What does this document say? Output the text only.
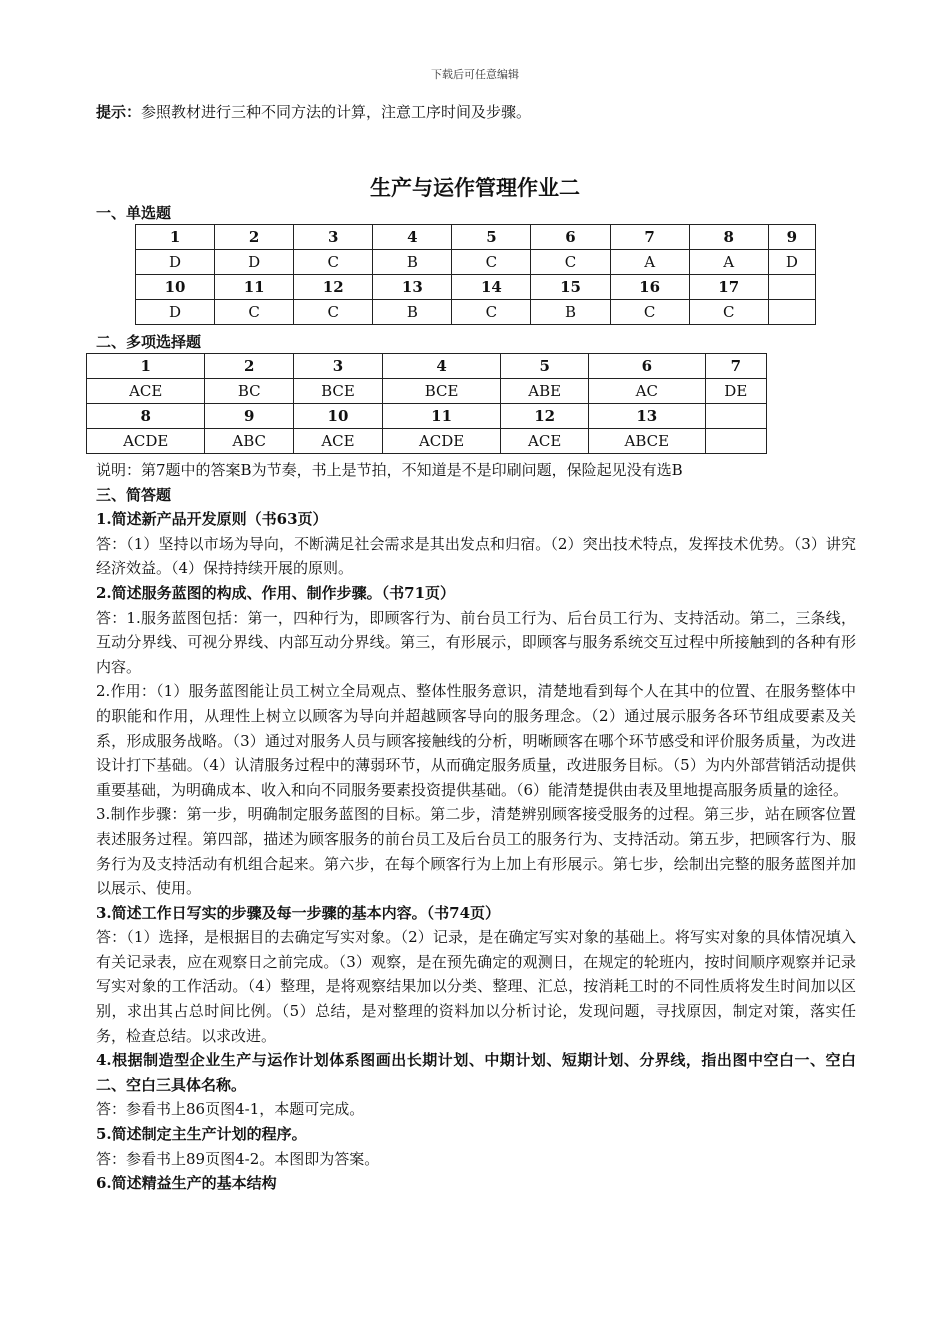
下载后可任意编辑
提示：参照教材进行三种不同方法的计算，注意工序时间及步骤。
生产与运作管理作业二
一、单选题
1	2	3	4	5	6	7	8	9
D	D	C	B	C	C	A	A	D
10	11	12	13	14	15	16	17	
D	C	C	B	C	B	C	C	
二、多项选择题
1	2	3	4	5	6	7
ACE	BC	BCE	BCE	ABE	AC	DE
8	9	10	11	12	13	
ACDE	ABC	ACE	ACDE	ACE	ABCE	

说明：第7题中的答案B为节奏，书上是节拍，不知道是不是印刷问题，保险起见没有选B

三、简答题

1.简述新产品开发原则（书63页）

答：（1）坚持以市场为导向，不断满足社会需求是其出发点和归宿。（2）突出技术特点，发挥技术优势。（3）讲究经济效益。（4）保持持续开展的原则。

2.简述服务蓝图的构成、作用、制作步骤。（书71页）

答：1.服务蓝图包括：第一，四种行为，即顾客行为、前台员工行为、后台员工行为、支持活动。第二，三条线，互动分界线、可视分界线、内部互动分界线。第三，有形展示，即顾客与服务系统交互过程中所接触到的各种有形内容。

2.作用：（1）服务蓝图能让员工树立全局观点、整体性服务意识，清楚地看到每个人在其中的位置、在服务整体中的职能和作用，从理性上树立以顾客为导向并超越顾客导向的服务理念。（2）通过展示服务各环节组成要素及关系，形成服务战略。（3）通过对服务人员与顾客接触线的分析，明晰顾客在哪个环节感受和评价服务质量，为改进设计打下基础。（4）认清服务过程中的薄弱环节，从而确定服务质量，改进服务目标。（5）为内外部营销活动提供重要基础，为明确成本、收入和向不同服务要素投资提供基础。（6）能清楚提供由表及里地提高服务质量的途径。

3.制作步骤：第一步，明确制定服务蓝图的目标。第二步，清楚辨别顾客接受服务的过程。第三步，站在顾客位置表述服务过程。第四部，描述为顾客服务的前台员工及后台员工的服务行为、支持活动。第五步，把顾客行为、服务行为及支持活动有机组合起来。第六步，在每个顾客行为上加上有形展示。第七步，绘制出完整的服务蓝图并加以展示、使用。

3.简述工作日写实的步骤及每一步骤的基本内容。（书74页）

答：（1）选择，是根据目的去确定写实对象。（2）记录，是在确定写实对象的基础上。将写实对象的具体情况填入有关记录表，应在观察日之前完成。（3）观察，是在预先确定的观测日，在规定的轮班内，按时间顺序观察并记录写实对象的工作活动。（4）整理，是将观察结果加以分类、整理、汇总，按消耗工时的不同性质将发生时间加以区别，求出其占总时间比例。（5）总结，是对整理的资料加以分析讨论，发现问题，寻找原因，制定对策，落实任务，检查总结。以求改进。

4.根据制造型企业生产与运作计划体系图画出长期计划、中期计划、短期计划、分界线，指出图中空白一、空白二、空白三具体名称。

答：参看书上86页图4-1，本题可完成。

5.简述制定主生产计划的程序。

答：参看书上89页图4-2。本图即为答案。

6.简述精益生产的基本结构
